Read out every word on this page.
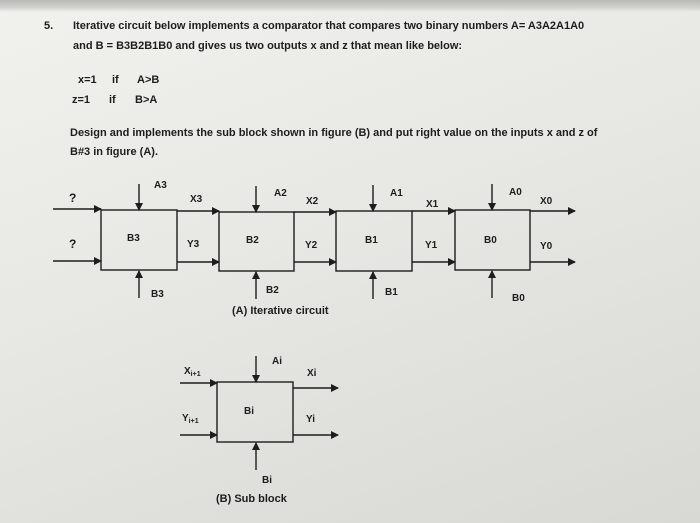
5. Iterative circuit below implements a comparator that compares two binary numbers A= A3A2A1A0
and B = B3B2B1B0 and gives us two outputs x and z that mean like below:
x=1 if A>B
z=1 if B>A
Design and implements the sub block shown in figure (B) and put right value on the inputs x and z of
B#3 in figure (A).
?
?
A3
X3
B3
Y3
B3
A2
X2
B2	Y2
B2
A1
X1
B1	Y1
B1
A0
X0
B0
Y0
B0
(A) Iterative circuit
$X_{i+1}$
Ai
Xi
Bi
$Y_{i+1}$	Yi
Bi
(B) Sub block
